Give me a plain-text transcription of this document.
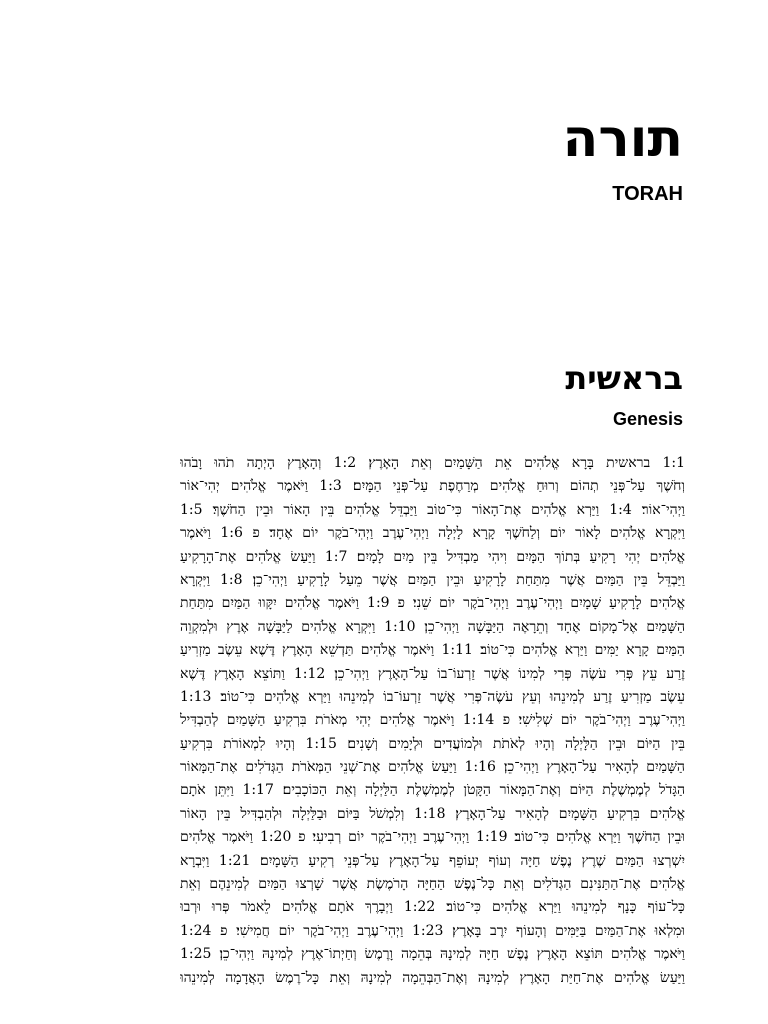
תורה
TORAH
בראשית
Genesis
1:1 בראשית בָּרָא אֱלֹהִים אֵת הַשָּׁמַיִם וְאֵת הָאָרֶץ׃ 1:2 וְהָאָרֶץ הָיְתָה תֹהוּ וָבֹהוּ
וְחֹשֶׁךְ עַל־פְּנֵי תְהוֹם וְרוּחַ אֱלֹהִים מְרַחֶפֶת עַל־פְּנֵי הַמָּיִם׃ 1:3 וַיֹּאמֶר אֱלֹהִים יְהִי־אוֹר
וַיְהִי־אוֹר׃ 1:4 וַיַּרְא אֱלֹהִים אֶת־הָאוֹר כִּי־טוֹב וַיַּבְדֵּל אֱלֹהִים בֵּין הָאוֹר וּבֵין הַחֹשֶׁךְ׃ 1:5
וַיִּקְרָא אֱלֹהִים לָאוֹר יוֹם וְלַחֹשֶׁךְ קָרָא לָיְלָה וַיְהִי־עֶרֶב וַיְהִי־בֹקֶר יוֹם אֶחָד׃ פ 1:6 וַיֹּאמֶר
אֱלֹהִים יְהִי רָקִיעַ בְּתוֹךְ הַמָּיִם וִיהִי מַבְדִּיל בֵּין מַיִם לָמָיִם׃ 1:7 וַיַּעַשׂ אֱלֹהִים אֶת־הָרָקִיעַ
וַיַּבְדֵּל בֵּין הַמַּיִם אֲשֶׁר מִתַּחַת לָרָקִיעַ וּבֵין הַמַּיִם אֲשֶׁר מֵעַל לָרָקִיעַ וַיְהִי־כֵן׃ 1:8 וַיִּקְרָא
אֱלֹהִים לָרָקִיעַ שָׁמָיִם וַיְהִי־עֶרֶב וַיְהִי־בֹקֶר יוֹם שֵׁנִי׃ פ 1:9 וַיֹּאמֶר אֱלֹהִים יִקָּווּ הַמַּיִם מִתַּחַת
הַשָּׁמַיִם אֶל־מָקוֹם אֶחָד וְתֵרָאֶה הַיַּבָּשָׁה וַיְהִי־כֵן׃ 1:10 וַיִּקְרָא אֱלֹהִים לַיַּבָּשָׁה אֶרֶץ וּלְמִקְוֵה
הַמַּיִם קָרָא יַמִּים וַיַּרְא אֱלֹהִים כִּי־טוֹב׃ 1:11 וַיֹּאמֶר אֱלֹהִים תַּדְשֵׁא הָאָרֶץ דֶּשֶׁא עֵשֶׂב מַזְרִיעַ
זֶרַע עֵץ פְּרִי עֹשֶׂה פְּרִי לְמִינוֹ אֲשֶׁר זַרְעוֹ־בוֹ עַל־הָאָרֶץ וַיְהִי־כֵן׃ 1:12 וַתּוֹצֵא הָאָרֶץ דֶּשֶׁא
עֵשֶׂב מַזְרִיעַ זֶרַע לְמִינֵהוּ וְעֵץ עֹשֶׂה־פְּרִי אֲשֶׁר זַרְעוֹ־בוֹ לְמִינֵהוּ וַיַּרְא אֱלֹהִים כִּי־טוֹב׃ 1:13
וַיְהִי־עֶרֶב וַיְהִי־בֹקֶר יוֹם שְׁלִישִׁי׃ פ 1:14 וַיֹּאמֶר אֱלֹהִים יְהִי מְאֹרֹת בִּרְקִיעַ הַשָּׁמַיִם לְהַבְדִּיל
בֵּין הַיּוֹם וּבֵין הַלָּיְלָה וְהָיוּ לְאֹתֹת וּלְמוֹעֲדִים וּלְיָמִים וְשָׁנִים׃ 1:15 וְהָיוּ לִמְאוֹרֹת בִּרְקִיעַ
הַשָּׁמַיִם לְהָאִיר עַל־הָאָרֶץ וַיְהִי־כֵן׃ 1:16 וַיַּעַשׂ אֱלֹהִים אֶת־שְׁנֵי הַמְּאֹרֹת הַגְּדֹלִים אֶת־הַמָּאוֹר
הַגָּדֹל לְמֶמְשֶׁלֶת הַיּוֹם וְאֶת־הַמָּאוֹר הַקָּטֹן לְמֶמְשֶׁלֶת הַלַּיְלָה וְאֵת הַכּוֹכָבִים׃ 1:17 וַיִּתֵּן אֹתָם
אֱלֹהִים בִּרְקִיעַ הַשָּׁמָיִם לְהָאִיר עַל־הָאָרֶץ׃ 1:18 וְלִמְשֹׁל בַּיּוֹם וּבַלַּיְלָה וּלְהַבְדִּיל בֵּין הָאוֹר
וּבֵין הַחֹשֶׁךְ וַיַּרְא אֱלֹהִים כִּי־טוֹב׃ 1:19 וַיְהִי־עֶרֶב וַיְהִי־בֹקֶר יוֹם רְבִיעִי׃ פ 1:20 וַיֹּאמֶר אֱלֹהִים
יִשְׁרְצוּ הַמַּיִם שֶׁרֶץ נֶפֶשׁ חַיָּה וְעוֹף יְעוֹפֵף עַל־הָאָרֶץ עַל־פְּנֵי רְקִיעַ הַשָּׁמָיִם׃ 1:21 וַיִּבְרָא
אֱלֹהִים אֶת־הַתַּנִּינִם הַגְּדֹלִים וְאֵת כָּל־נֶפֶשׁ הַחַיָּה הָרֹמֶשֶׂת אֲשֶׁר שָׁרְצוּ הַמַּיִם לְמִינֵהֶם וְאֵת
כָּל־עוֹף כָּנָף לְמִינֵהוּ וַיַּרְא אֱלֹהִים כִּי־טוֹב׃ 1:22 וַיְבָרֶךְ אֹתָם אֱלֹהִים לֵאמֹר פְּרוּ וּרְבוּ
וּמִלְאוּ אֶת־הַמַּיִם בַּיַּמִּים וְהָעוֹף יִרֶב בָּאָרֶץ׃ 1:23 וַיְהִי־עֶרֶב וַיְהִי־בֹקֶר יוֹם חֲמִישִׁי׃ פ 1:24
וַיֹּאמֶר אֱלֹהִים תּוֹצֵא הָאָרֶץ נֶפֶשׁ חַיָּה לְמִינָהּ בְּהֵמָה וָרֶמֶשׂ וְחַיְתוֹ־אֶרֶץ לְמִינָהּ וַיְהִי־כֵן׃ 1:25
וַיַּעַשׂ אֱלֹהִים אֶת־חַיַּת הָאָרֶץ לְמִינָהּ וְאֶת־הַבְּהֵמָה לְמִינָהּ וְאֵת כָּל־רֶמֶשׂ הָאֲדָמָה לְמִינֵהוּ
